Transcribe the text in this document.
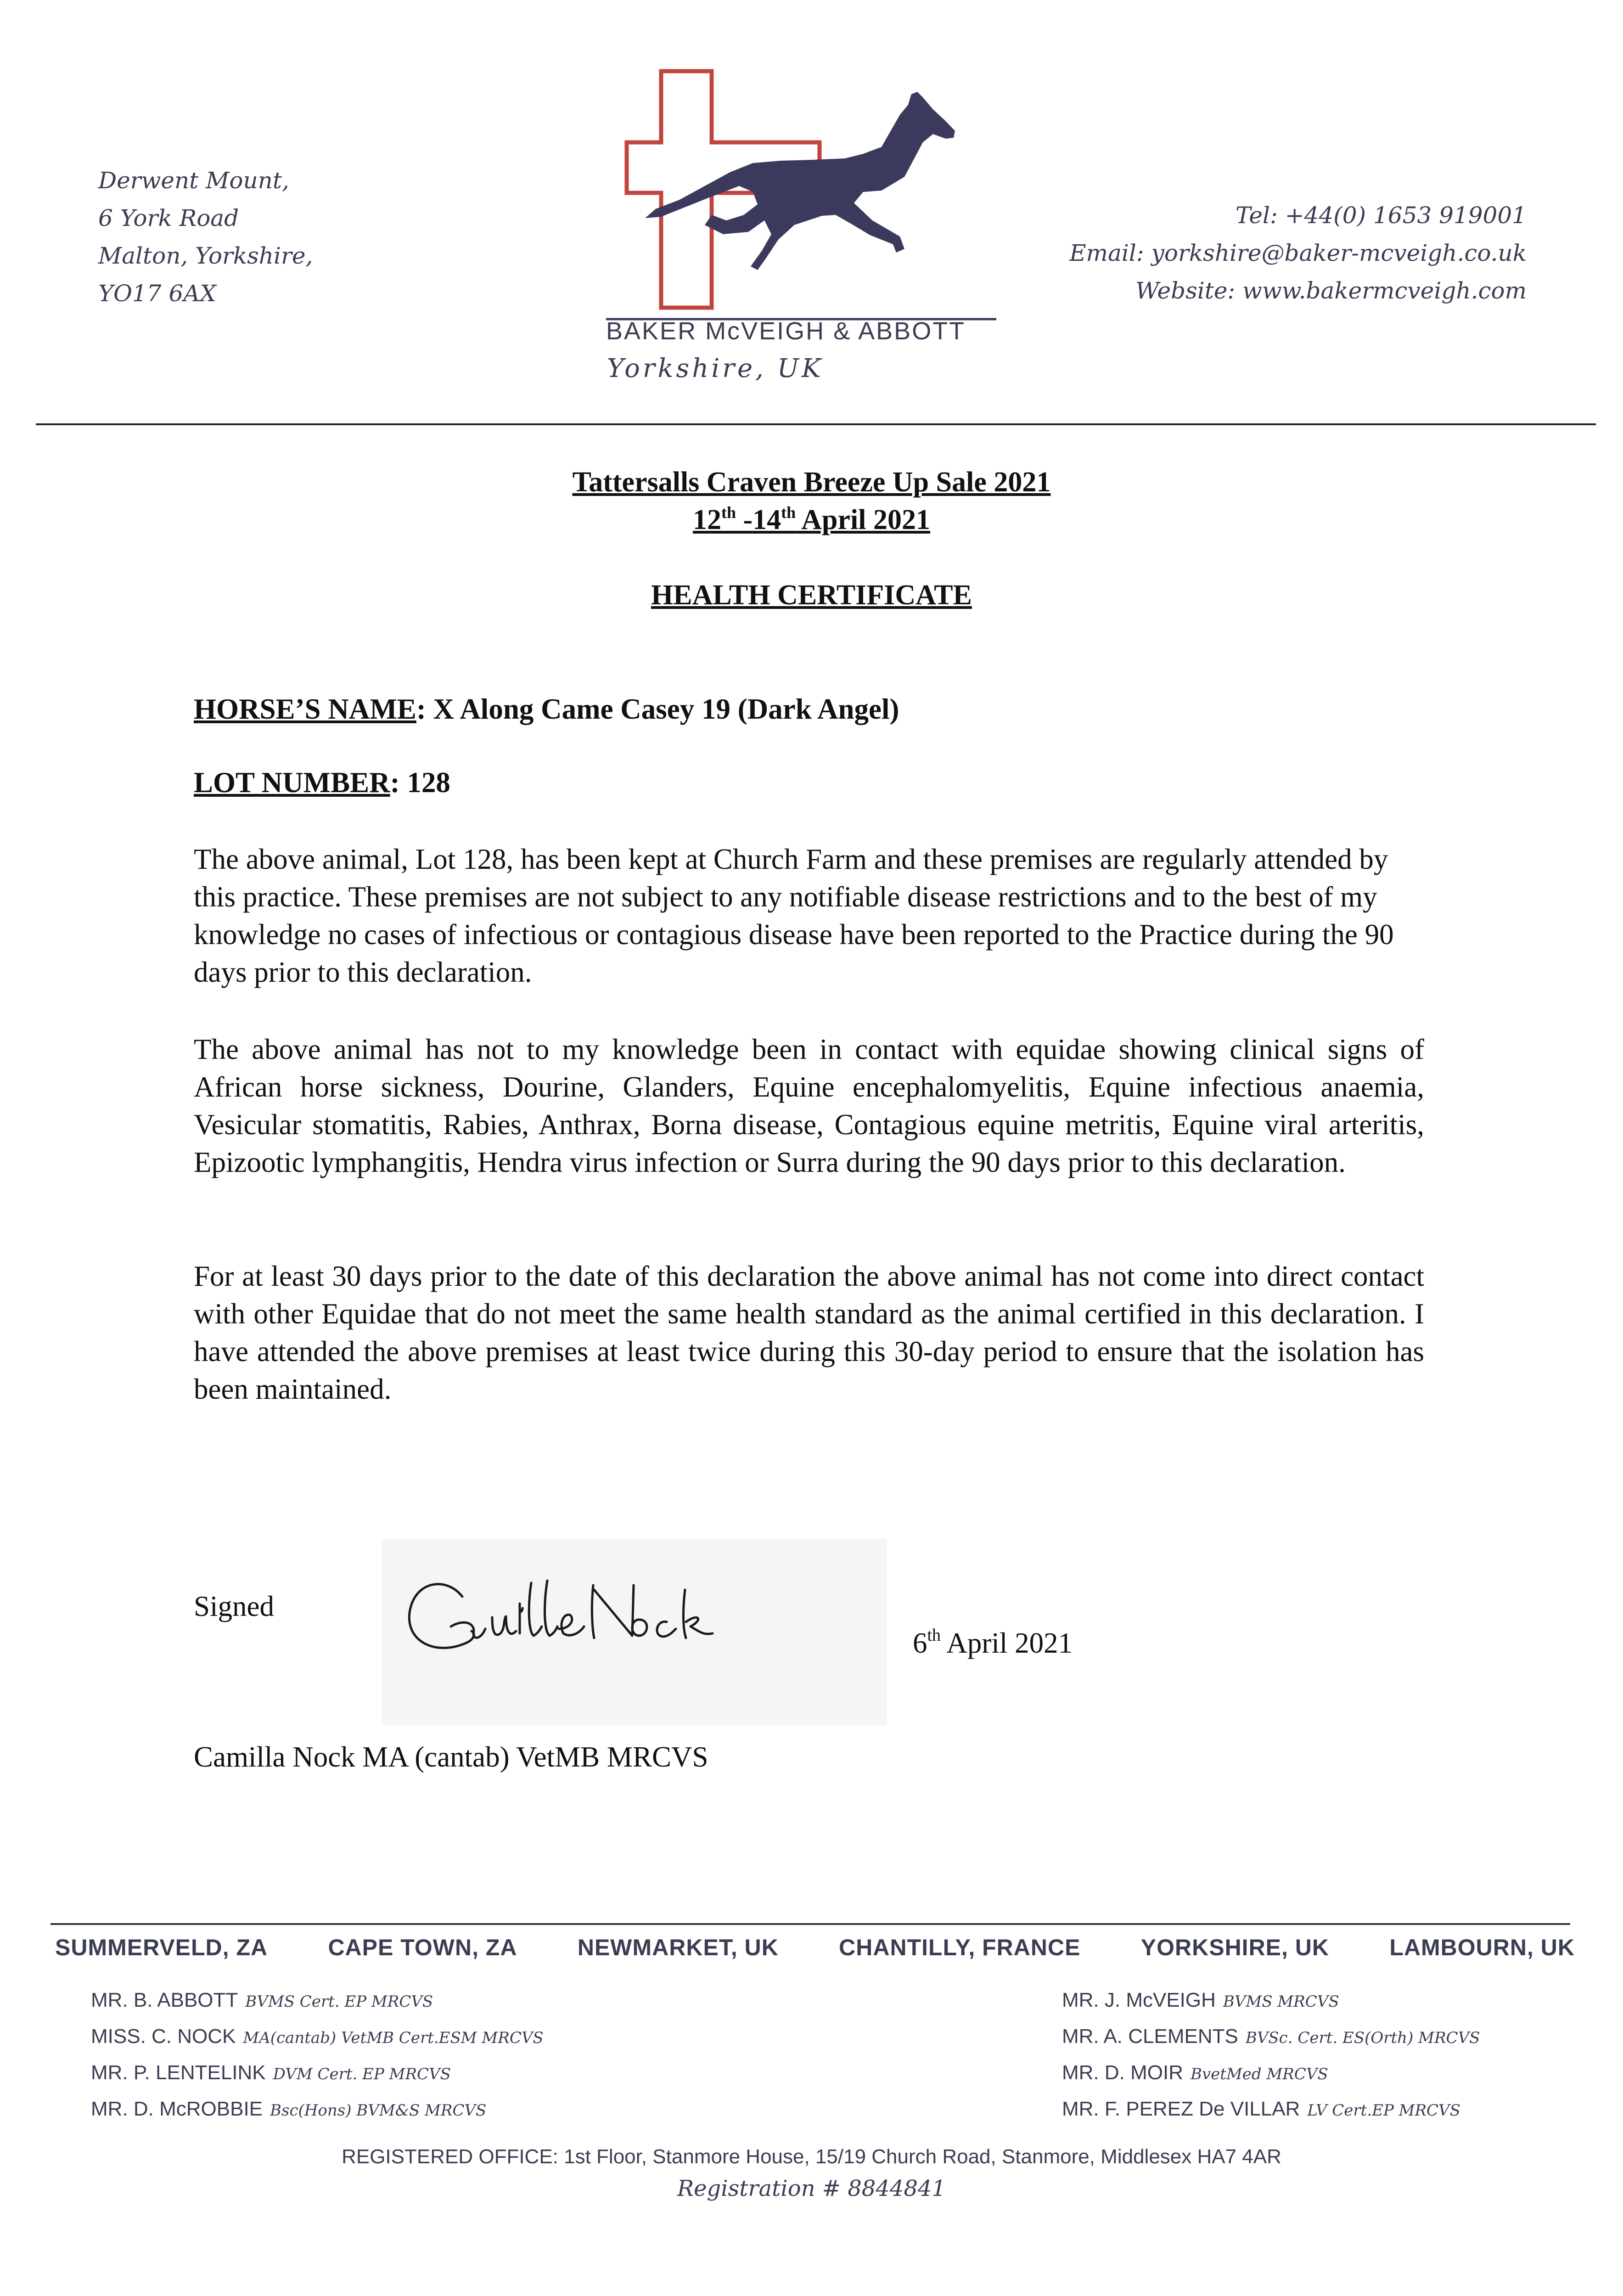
Derwent Mount,
6 York Road
Malton, Yorkshire,
YO17 6AX
BAKER McVEIGH & ABBOTT
Yorkshire, UK
Tel: +44(0) 1653 919001
Email: yorkshire@baker-mcveigh.co.uk
Website: www.bakermcveigh.com
Tattersalls Craven Breeze Up Sale 2021
12th -14th April 2021
HEALTH CERTIFICATE
HORSE’S NAME: X Along Came Casey 19 (Dark Angel)
LOT NUMBER: 128
The above animal, Lot 128, has been kept at Church Farm and these premises are regularly attended by this practice. These premises are not subject to any notifiable disease restrictions and to the best of my knowledge no cases of infectious or contagious disease have been reported to the Practice during the 90 days prior to this declaration.
The above animal has not to my knowledge been in contact with equidae showing clinical signs of African horse sickness, Dourine, Glanders, Equine encephalomyelitis, Equine infectious anaemia, Vesicular stomatitis, Rabies, Anthrax, Borna disease, Contagious equine metritis, Equine viral arteritis, Epizootic lymphangitis, Hendra virus infection or Surra during the 90 days prior to this declaration.
For at least 30 days prior to the date of this declaration the above animal has not come into direct contact with other Equidae that do not meet the same health standard as the animal certified in this declaration. I have attended the above premises at least twice during this 30-day period to ensure that the isolation has been maintained.
Signed
6th April 2021
Camilla Nock MA (cantab) VetMB MRCVS
SUMMERVELD, ZA	CAPE TOWN, ZA	NEWMARKET, UK	CHANTILLY, FRANCE	YORKSHIRE, UK	LAMBOURN, UK
MR. B. ABBOTT BVMS Cert. EP MRCVS
MISS. C. NOCK MA(cantab) VetMB Cert.ESM MRCVS
MR. P. LENTELINK DVM Cert. EP MRCVS
MR. D. McROBBIE Bsc(Hons) BVM&S MRCVS
MR. J. McVEIGH BVMS MRCVS
MR. A. CLEMENTS BVSc. Cert. ES(Orth) MRCVS
MR. D. MOIR BvetMed MRCVS
MR. F. PEREZ De VILLAR LV Cert.EP MRCVS
REGISTERED OFFICE: 1st Floor, Stanmore House, 15/19 Church Road, Stanmore, Middlesex HA7 4AR
Registration # 8844841
